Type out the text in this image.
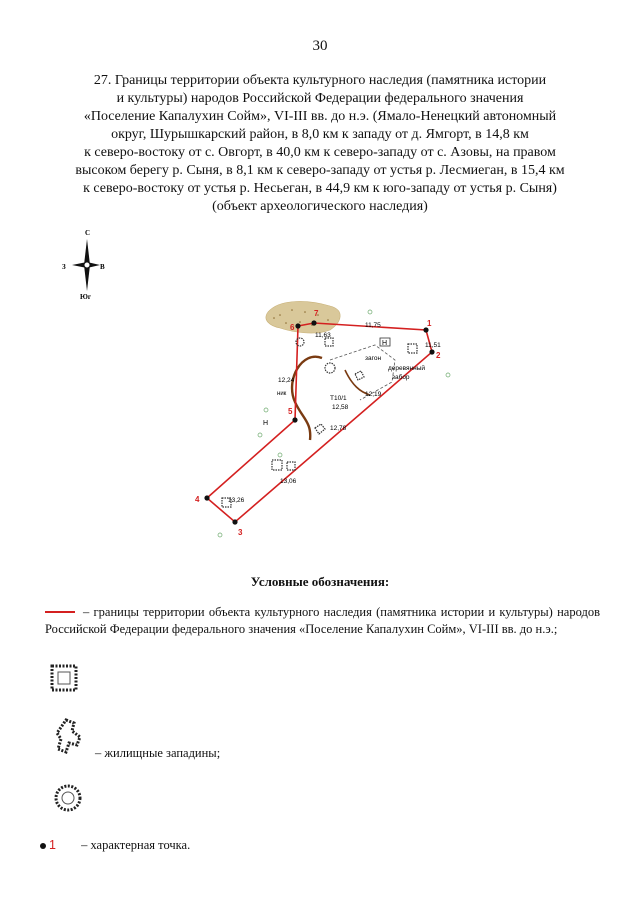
30
27. Границы территории объекта культурного наследия (памятника истории
и культуры) народов Российской Федерации федерального значения
«Поселение Капалухин Сойм», VI-III вв. до н.э. (Ямало-Ненецкий автономный
округ, Шурышкарский район, в 8,0 км к западу от д. Ямгорт, в 14,8 км
к северо-востоку от с. Овгорт, в 40,0 км к северо-западу от с. Азовы, на правом
высоком берегу р. Сыня, в 8,1 км к северо-западу от устья р. Лесмиеган, в 15,4 км
к северо-востоку от устья р. Несьеган, в 44,9 км к юго-западу от устья р. Сыня)
(объект археологического наследия)
С
З	В
Юг
H
H
ник
загон
деревянный
забор
Т10/1
12,58
11,75
11,63
11,51
12,24
12,19
12,78
13,06
13,26
1
2
3
4
5
6
7
Условные обозначения:
– границы территории объекта культурного наследия (памятника истории и культуры) народов Российской Федерации федерального значения «Поселение Капалухин Сойм», VI-III вв. до н.э.;
– жилищные западины;
1 – характерная точка.
